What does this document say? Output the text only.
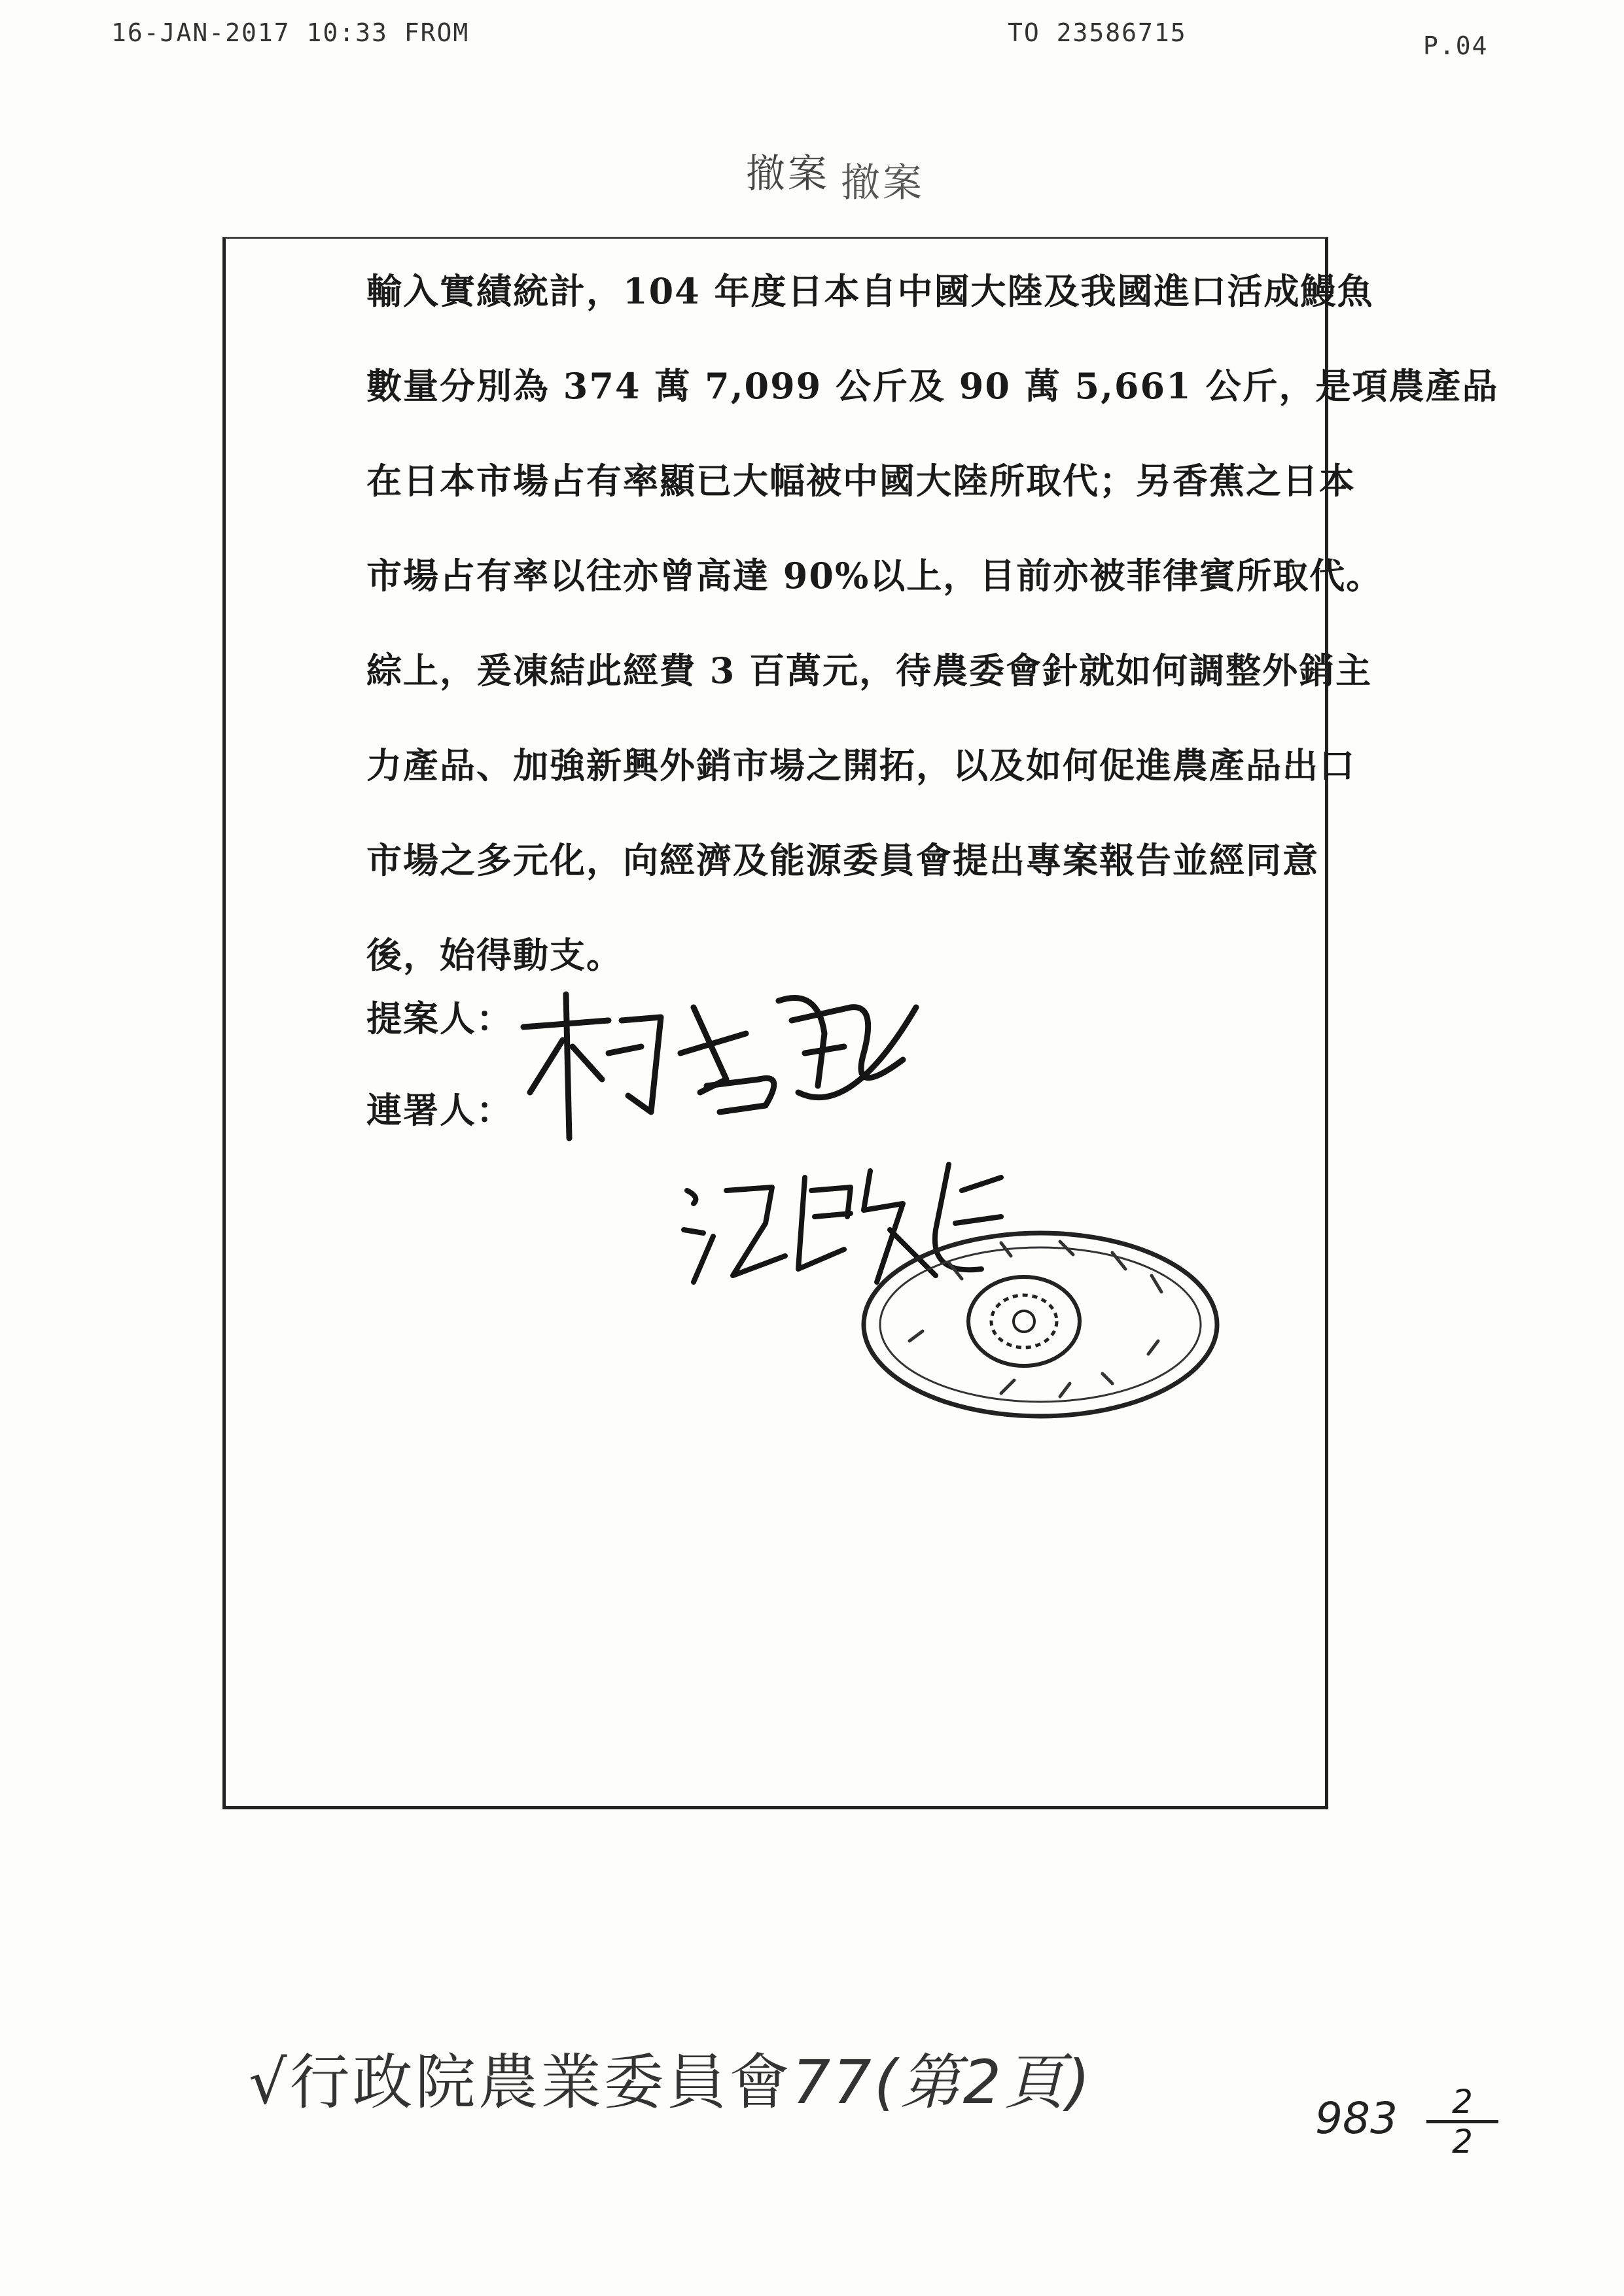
16-JAN-2017 10:33 FROM	TO 23586715	P.04
撤案 撤案
輸入實績統計，104 年度日本自中國大陸及我國進口活成鰻魚
數量分別為 374 萬 7,099 公斤及 90 萬 5,661 公斤，是項農產品
在日本市場占有率顯已大幅被中國大陸所取代；另香蕉之日本
市場占有率以往亦曾高達 90%以上，目前亦被菲律賓所取代。
綜上，爰凍結此經費 3 百萬元，待農委會針就如何調整外銷主
力產品、加強新興外銷市場之開拓，以及如何促進農產品出口
市場之多元化，向經濟及能源委員會提出專案報告並經同意
後，始得動支。
提案人：
連署人：
√行政院農業委員會77(第2頁)
$983 \frac{2}{2}$
